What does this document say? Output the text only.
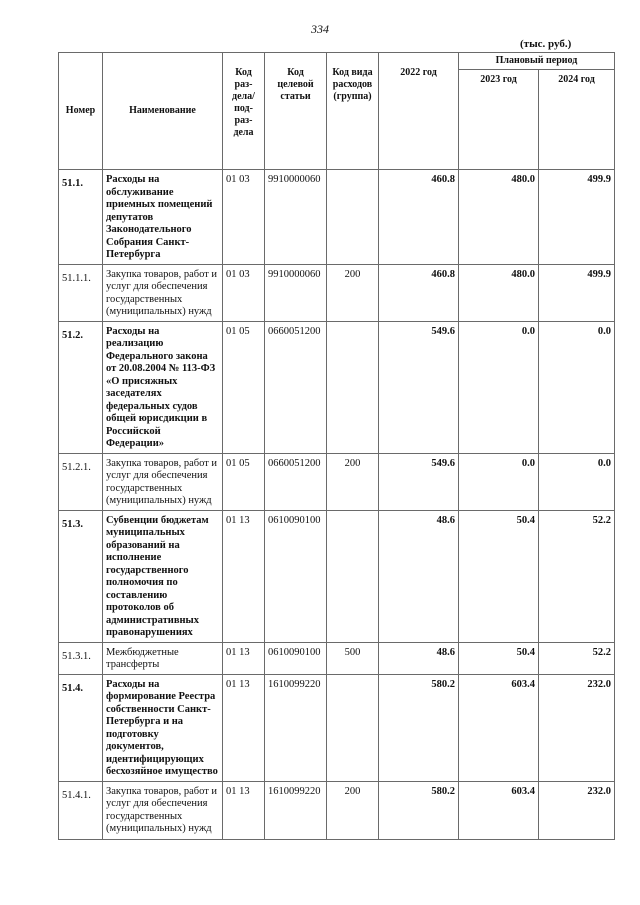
334
(тыс. руб.)
Номер	Наименование	Код раз-дела/ под-раз-дела	Код целевой статьи	Код вида расходов (группа)	2022 год	Плановый период	
						2023 год	2024 год
51.1.	Расходы на обслуживание приемных помещений депутатов Законодательного Собрания Санкт-Петербурга	01 03	9910000060		460.8	480.0	499.9
51.1.1.	Закупка товаров, работ и услуг для обеспечения государственных (муниципальных) нужд	01 03	9910000060	200	460.8	480.0	499.9
51.2.	Расходы на реализацию Федерального закона от 20.08.2004 № 113-ФЗ «О присяжных заседателях федеральных судов общей юрисдикции в Российской Федерации»	01 05	0660051200		549.6	0.0	0.0
51.2.1.	Закупка товаров, работ и услуг для обеспечения государственных (муниципальных) нужд	01 05	0660051200	200	549.6	0.0	0.0
51.3.	Субвенции бюджетам муниципальных образований на исполнение государственного полномочия по составлению протоколов об административных правонарушениях	01 13	0610090100		48.6	50.4	52.2
51.3.1.	Межбюджетные трансферты	01 13	0610090100	500	48.6	50.4	52.2
51.4.	Расходы на формирование Реестра собственности Санкт-Петербурга и на подготовку документов, идентифицирующих бесхозяйное имущество	01 13	1610099220		580.2	603.4	232.0
51.4.1.	Закупка товаров, работ и услуг для обеспечения государственных (муниципальных) нужд	01 13	1610099220	200	580.2	603.4	232.0
